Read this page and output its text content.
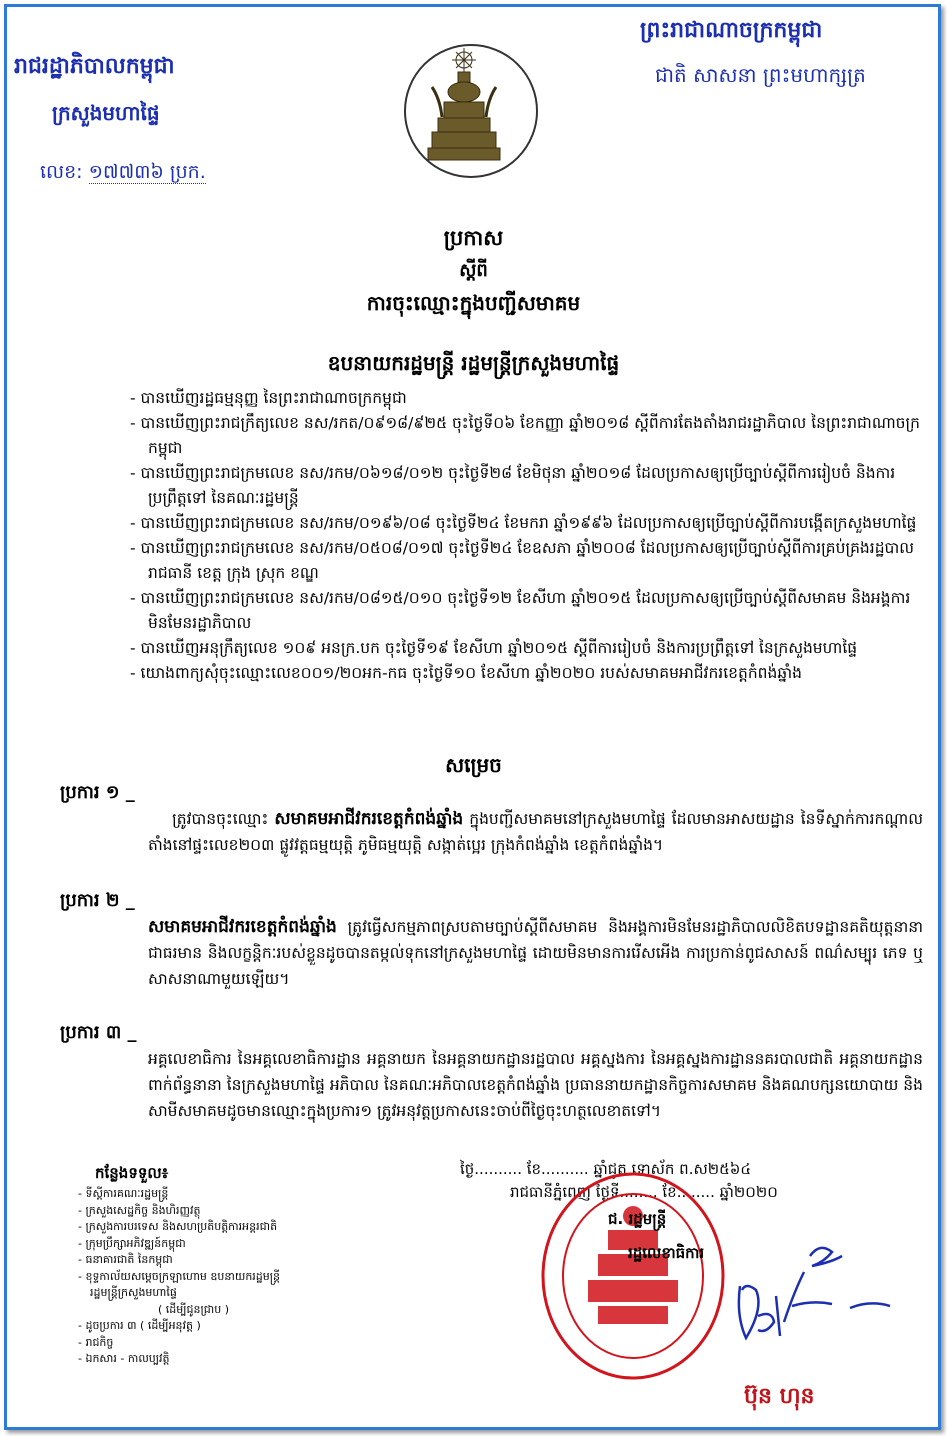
រាជរដ្ឋាភិបាលកម្ពុជា
ក្រសួងមហាផ្ទៃ
លេខ: ១៧៧៣៦ ប្រក.
ព្រះរាជាណាចក្រកម្ពុជា
ជាតិ សាសនា ព្រះមហាក្សត្រ
ប្រកាស
ស្តីពី
ការចុះឈ្មោះក្នុងបញ្ជីសមាគម
ឧបនាយករដ្ឋមន្ត្រី រដ្ឋមន្ត្រីក្រសួងមហាផ្ទៃ

- បានឃើញរដ្ឋធម្មនុញ្ញ នៃព្រះរាជាណាចក្រកម្ពុជា

- បានឃើញព្រះរាជក្រឹត្យលេខ នស/រកត/០៩១៨/៩២៥ ចុះថ្ងៃទី០៦ ខែកញ្ញា ឆ្នាំ២០១៨ ស្តីពីការតែងតាំងរាជរដ្ឋាភិបាល នៃព្រះរាជាណាចក្រកម្ពុជា

- បានឃើញព្រះរាជក្រមលេខ នស/រកម/០៦១៨/០១២ ចុះថ្ងៃទី២៨ ខែមិថុនា ឆ្នាំ២០១៨ ដែលប្រកាសឲ្យប្រើច្បាប់ស្តីពីការរៀបចំ និងការប្រព្រឹត្តទៅ នៃគណៈរដ្ឋមន្ត្រី

- បានឃើញព្រះរាជក្រមលេខ នស/រកម/០១៩៦/០៨ ចុះថ្ងៃទី២៤ ខែមករា ឆ្នាំ១៩៩៦ ដែលប្រកាសឲ្យប្រើច្បាប់ស្តីពីការបង្កើតក្រសួងមហាផ្ទៃ

- បានឃើញព្រះរាជក្រមលេខ នស/រកម/០៥០៨/០១៧ ចុះថ្ងៃទី២៤ ខែឧសភា ឆ្នាំ២០០៨ ដែលប្រកាសឲ្យប្រើច្បាប់ស្តីពីការគ្រប់គ្រងរដ្ឋបាលរាជធានី ខេត្ត ក្រុង ស្រុក ខណ្ឌ

- បានឃើញព្រះរាជក្រមលេខ នស/រកម/០៨១៥/០១០ ចុះថ្ងៃទី១២ ខែសីហា ឆ្នាំ២០១៥ ដែលប្រកាសឲ្យប្រើច្បាប់ស្តីពីសមាគម និងអង្គការមិនមែនរដ្ឋាភិបាល

- បានឃើញអនុក្រឹត្យលេខ ១០៩ អនក្រ.បក ចុះថ្ងៃទី១៩ ខែសីហា ឆ្នាំ២០១៥ ស្តីពីការរៀបចំ និងការប្រព្រឹត្តទៅ នៃក្រសួងមហាផ្ទៃ

- យោងពាក្យសុំចុះឈ្មោះលេខ០០១/២០អក-កធ ចុះថ្ងៃទី១០ ខែសីហា ឆ្នាំ២០២០ របស់សមាគមអាជីវករខេត្តកំពង់ឆ្នាំង

សម្រេច
ប្រការ ១ _
ត្រូវបានចុះឈ្មោះ សមាគមអាជីវករខេត្តកំពង់ឆ្នាំង ក្នុងបញ្ជីសមាគមនៅក្រសួងមហាផ្ទៃ ដែលមានអាសយដ្ឋាន នៃទីស្នាក់ការកណ្តាលតាំងនៅផ្ទះលេខ២០៣ ផ្លូវវត្តធម្មយុត្តិ ភូមិធម្មយុត្តិ សង្កាត់ប្អេរ ក្រុងកំពង់ឆ្នាំង ខេត្តកំពង់ឆ្នាំង។
ប្រការ ២ _
សមាគមអាជីវករខេត្តកំពង់ឆ្នាំង ត្រូវធ្វើសកម្មភាពស្របតាមច្បាប់ស្តីពីសមាគម និងអង្គការមិនមែនរដ្ឋាភិបាលលិខិតបទដ្ឋានគតិយុត្តនានាជាធរមាន និងលក្ខន្តិកៈរបស់ខ្លួនដូចបានតម្កល់ទុកនៅក្រសួងមហាផ្ទៃ ដោយមិនមានការរើសអើង ការប្រកាន់ពូជសាសន៍ ពណ៌សម្បុរ ភេទ ឬសាសនាណាមួយឡើយ។
ប្រការ ៣ _
អគ្គលេខាធិការ នៃអគ្គលេខាធិការដ្ឋាន អគ្គនាយក នៃអគ្គនាយកដ្ឋានរដ្ឋបាល អគ្គស្នងការ នៃអគ្គស្នងការដ្ឋាននគរបាលជាតិ អគ្គនាយកដ្ឋានពាក់ព័ន្ធនានា នៃក្រសួងមហាផ្ទៃ អភិបាល នៃគណៈអភិបាលខេត្តកំពង់ឆ្នាំង ប្រធាននាយកដ្ឋានកិច្ចការសមាគម និងគណបក្សនយោបាយ និងសាមីសមាគមដូចមានឈ្មោះក្នុងប្រការ១ ត្រូវអនុវត្តប្រកាសនេះចាប់ពីថ្ងៃចុះហត្ថលេខាតទៅ។
កន្លែងទទួល៖
- ទីស្តីការគណៈរដ្ឋមន្ត្រី
- ក្រសួងសេដ្ឋកិច្ច និងហិរញ្ញវត្ថុ
- ក្រសួងការបរទេស និងសហប្រតិបត្តិការអន្តរជាតិ
- ក្រុមប្រឹក្សាអភិវឌ្ឍន៍កម្ពុជា
- ធនាគារជាតិ នៃកម្ពុជា
- ខុទ្ទកាល័យសម្តេចក្រឡាហោម ឧបនាយករដ្ឋមន្ត្រី
រដ្ឋមន្ត្រីក្រសួងមហាផ្ទៃ
( ដើម្បីជូនជ្រាប )
- ដូចប្រការ ៣ ( ដើម្បីអនុវត្ត )
- រាជកិច្ច
- ឯកសារ - កាលប្បវត្តិ
ថ្ងៃ.......... ខែ.......... ឆ្នាំជូត ទោស័ក ព.ស២៥៦៤
រាជធានីភ្នំពេញ ថ្ងៃទី........ ខែ........ ឆ្នាំ២០២០
ជ. រដ្ឋមន្ត្រី
រដ្ឋលេខាធិការ
ប៊ុន ហុន
